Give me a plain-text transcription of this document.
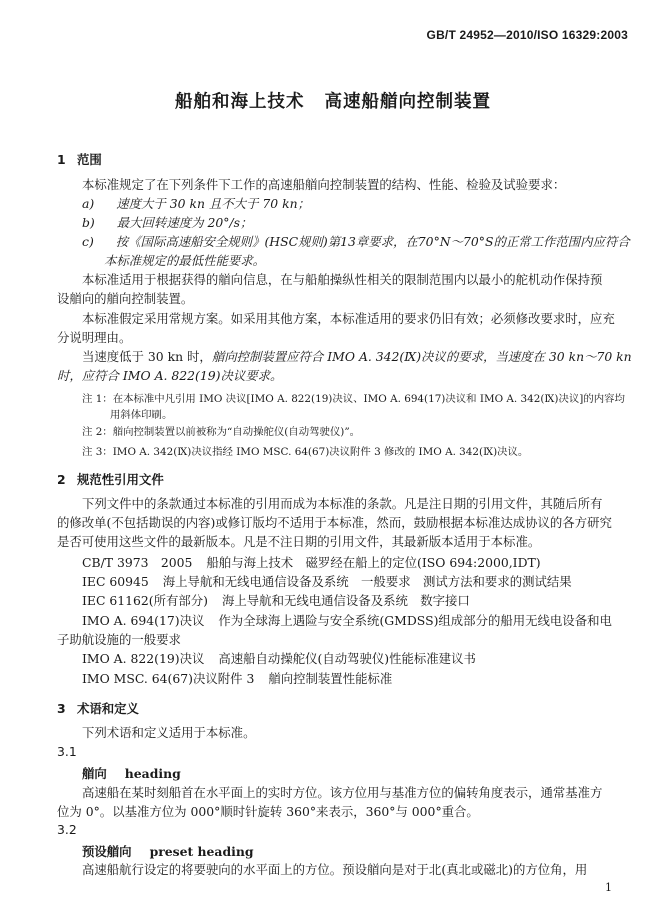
GB/T 24952—2010/ISO 16329:2003
船舶和海上技术 高速船艏向控制装置
1 范围
本标准规定了在下列条件下工作的高速船艏向控制装置的结构、性能、检验及试验要求：
a) 速度大于 30 kn 且不大于 70 kn；
b) 最大回转速度为 20°/s；
c) 按《国际高速船安全规则》(HSC规则)第13章要求，在70°N～70°S的正常工作范围内应符合
本标准规定的最低性能要求。
本标准适用于根据获得的艏向信息，在与船舶操纵性相关的限制范围内以最小的舵机动作保持预
设艏向的艏向控制装置。
本标准假定采用常规方案。如采用其他方案，本标准适用的要求仍旧有效；必须修改要求时，应充
分说明理由。
当速度低于 30 kn 时，艏向控制装置应符合 IMO A. 342(Ⅸ)决议的要求，当速度在 30 kn～70 kn
时，应符合 IMO A. 822(19)决议要求。
注 1：在本标准中凡引用 IMO 决议[IMO A. 822(19)决议、IMO A. 694(17)决议和 IMO A. 342(Ⅸ)决议]的内容均
用斜体印刷。
注 2：艏向控制装置以前被称为“自动操舵仪(自动驾驶仪)”。
注 3：IMO A. 342(Ⅸ)决议指经 IMO MSC. 64(67)决议附件 3 修改的 IMO A. 342(Ⅸ)决议。
2 规范性引用文件
下列文件中的条款通过本标准的引用而成为本标准的条款。凡是注日期的引用文件，其随后所有
的修改单(不包括勘误的内容)或修订版均不适用于本标准，然而，鼓励根据本标准达成协议的各方研究
是否可使用这些文件的最新版本。凡是不注日期的引用文件，其最新版本适用于本标准。
CB/T 3973　2005 船舶与海上技术　磁罗经在船上的定位(ISO 694:2000,IDT)
IEC 60945 海上导航和无线电通信设备及系统　一般要求　测试方法和要求的测试结果
IEC 61162(所有部分) 海上导航和无线电通信设备及系统　数字接口
IMO A. 694(17)决议 作为全球海上遇险与安全系统(GMDSS)组成部分的船用无线电设备和电
子助航设施的一般要求
IMO A. 822(19)决议 高速船自动操舵仪(自动驾驶仪)性能标准建议书
IMO MSC. 64(67)决议附件 3 艏向控制装置性能标准
3 术语和定义
下列术语和定义适用于本标准。
3.1
艏向 heading
高速船在某时刻船首在水平面上的实时方位。该方位用与基准方位的偏转角度表示，通常基准方
位为 0°。以基准方位为 000°顺时针旋转 360°来表示，360°与 000°重合。
3.2
预设艏向 preset heading
高速船航行设定的将要驶向的水平面上的方位。预设艏向是对于北(真北或磁北)的方位角，用
1
